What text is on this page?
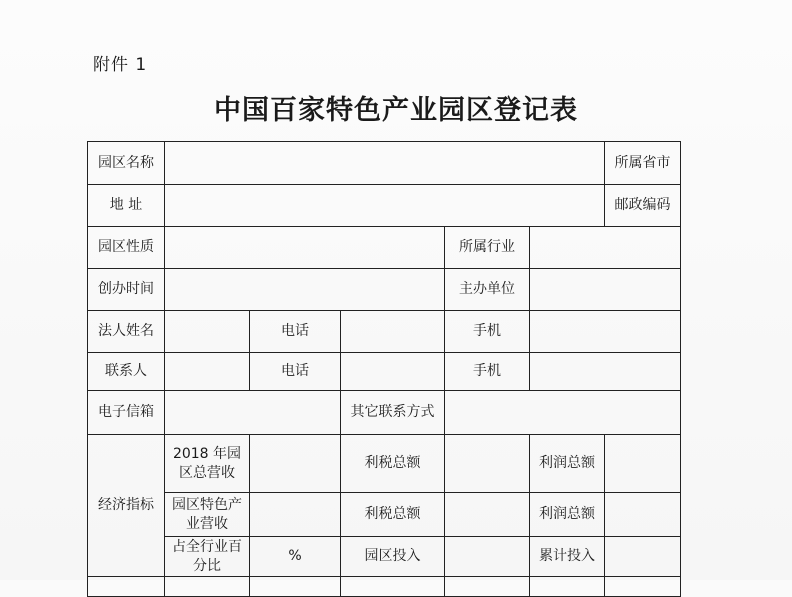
附件 1
中国百家特色产业园区登记表
园区名称						所属省市
地 址						邮政编码
园区性质				所属行业		
创办时间				主办单位		
法人姓名		电话		手机		
联系人		电话		手机		
电子信箱			其它联系方式			
经济指标	2018 年园区总营收		利税总额		利润总额	
	园区特色产业营收		利税总额		利润总额	
	占全行业百分比	%	园区投入		累计投入	
